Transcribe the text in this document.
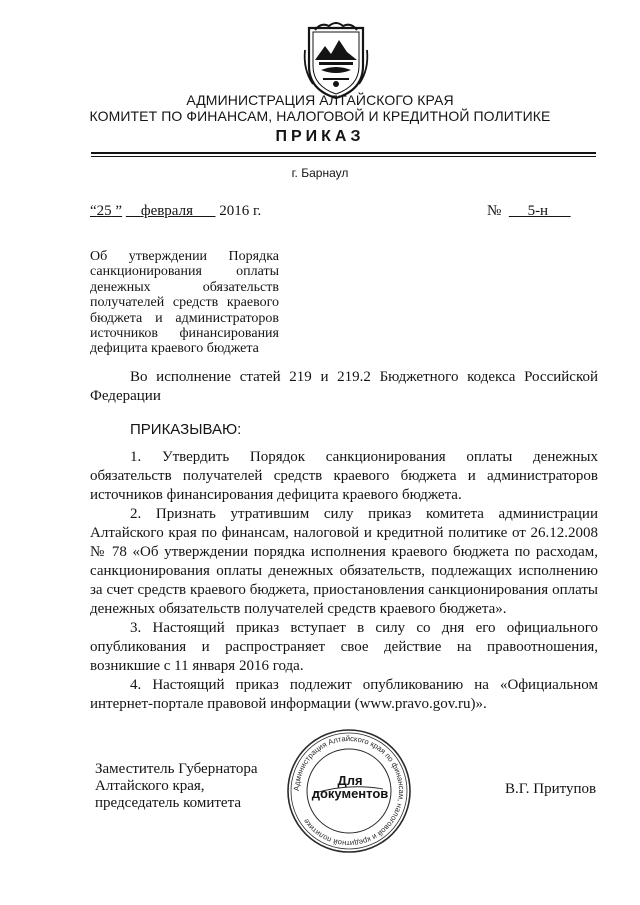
АДМИНИСТРАЦИЯ АЛТАЙСКОГО КРАЯ
КОМИТЕТ ПО ФИНАНСАМ, НАЛОГОВОЙ И КРЕДИТНОЙ ПОЛИТИКЕ
ПРИКАЗ
г. Барнаул
“25 ” февраля 2016 г.	№ 5-н
Об утверждении Порядка санкционирования оплаты денежных обязательств получателей средств краевого бюджета и администраторов источников финансирования дефицита краевого бюджета
Во исполнение статей 219 и 219.2 Бюджетного кодекса Российской Федерации
ПРИКАЗЫВАЮ:

1. Утвердить Порядок санкционирования оплаты денежных обязательств получателей средств краевого бюджета и администраторов источников финансирования дефицита краевого бюджета.

2. Признать утратившим силу приказ комитета администрации Алтайского края по финансам, налоговой и кредитной политике от 26.12.2008 № 78 «Об утверждении порядка исполнения краевого бюджета по расходам, санкционирования оплаты денежных обязательств, подлежащих исполнению за счет средств краевого бюджета, приостановления санкционирования оплаты денежных обязательств получателей средств краевого бюджета».

3. Настоящий приказ вступает в силу со дня его официального опубликования и распространяет свое действие на правоотношения, возникшие с 11 января 2016 года.

4. Настоящий приказ подлежит опубликованию на «Официальном интернет-портале правовой информации (www.pravo.gov.ru)».

Заместитель Губернатора
Алтайского края,
председатель комитета
Администрация Алтайского края по финансам, налоговой и кредитной политике
Для
документов	В.Г. Притупов
